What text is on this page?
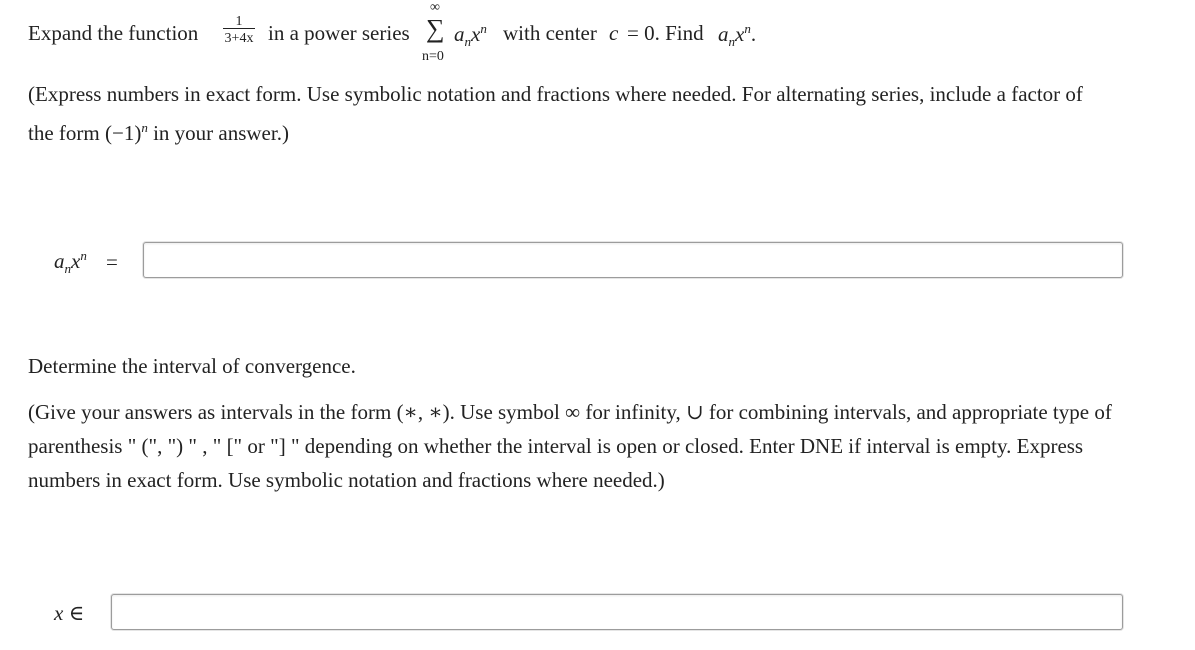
Expand the function	1
3+4x in a power series
∞
∑
n=0
$a_nx^n$ with center c = 0. Find $a_nx^n$.
(Express numbers in exact form. Use symbolic notation and fractions where needed. For alternating series, include a factor of
the form $(-1)^n$ in your answer.)
$a_nx^n$ =
Determine the interval of convergence.
(Give your answers as intervals in the form (∗, ∗). Use symbol ∞ for infinity, ∪ for combining intervals, and appropriate type of
parenthesis " (", ") " , " [" or "] " depending on whether the interval is open or closed. Enter DNE if interval is empty. Express
numbers in exact form. Use symbolic notation and fractions where needed.)
x ∈
